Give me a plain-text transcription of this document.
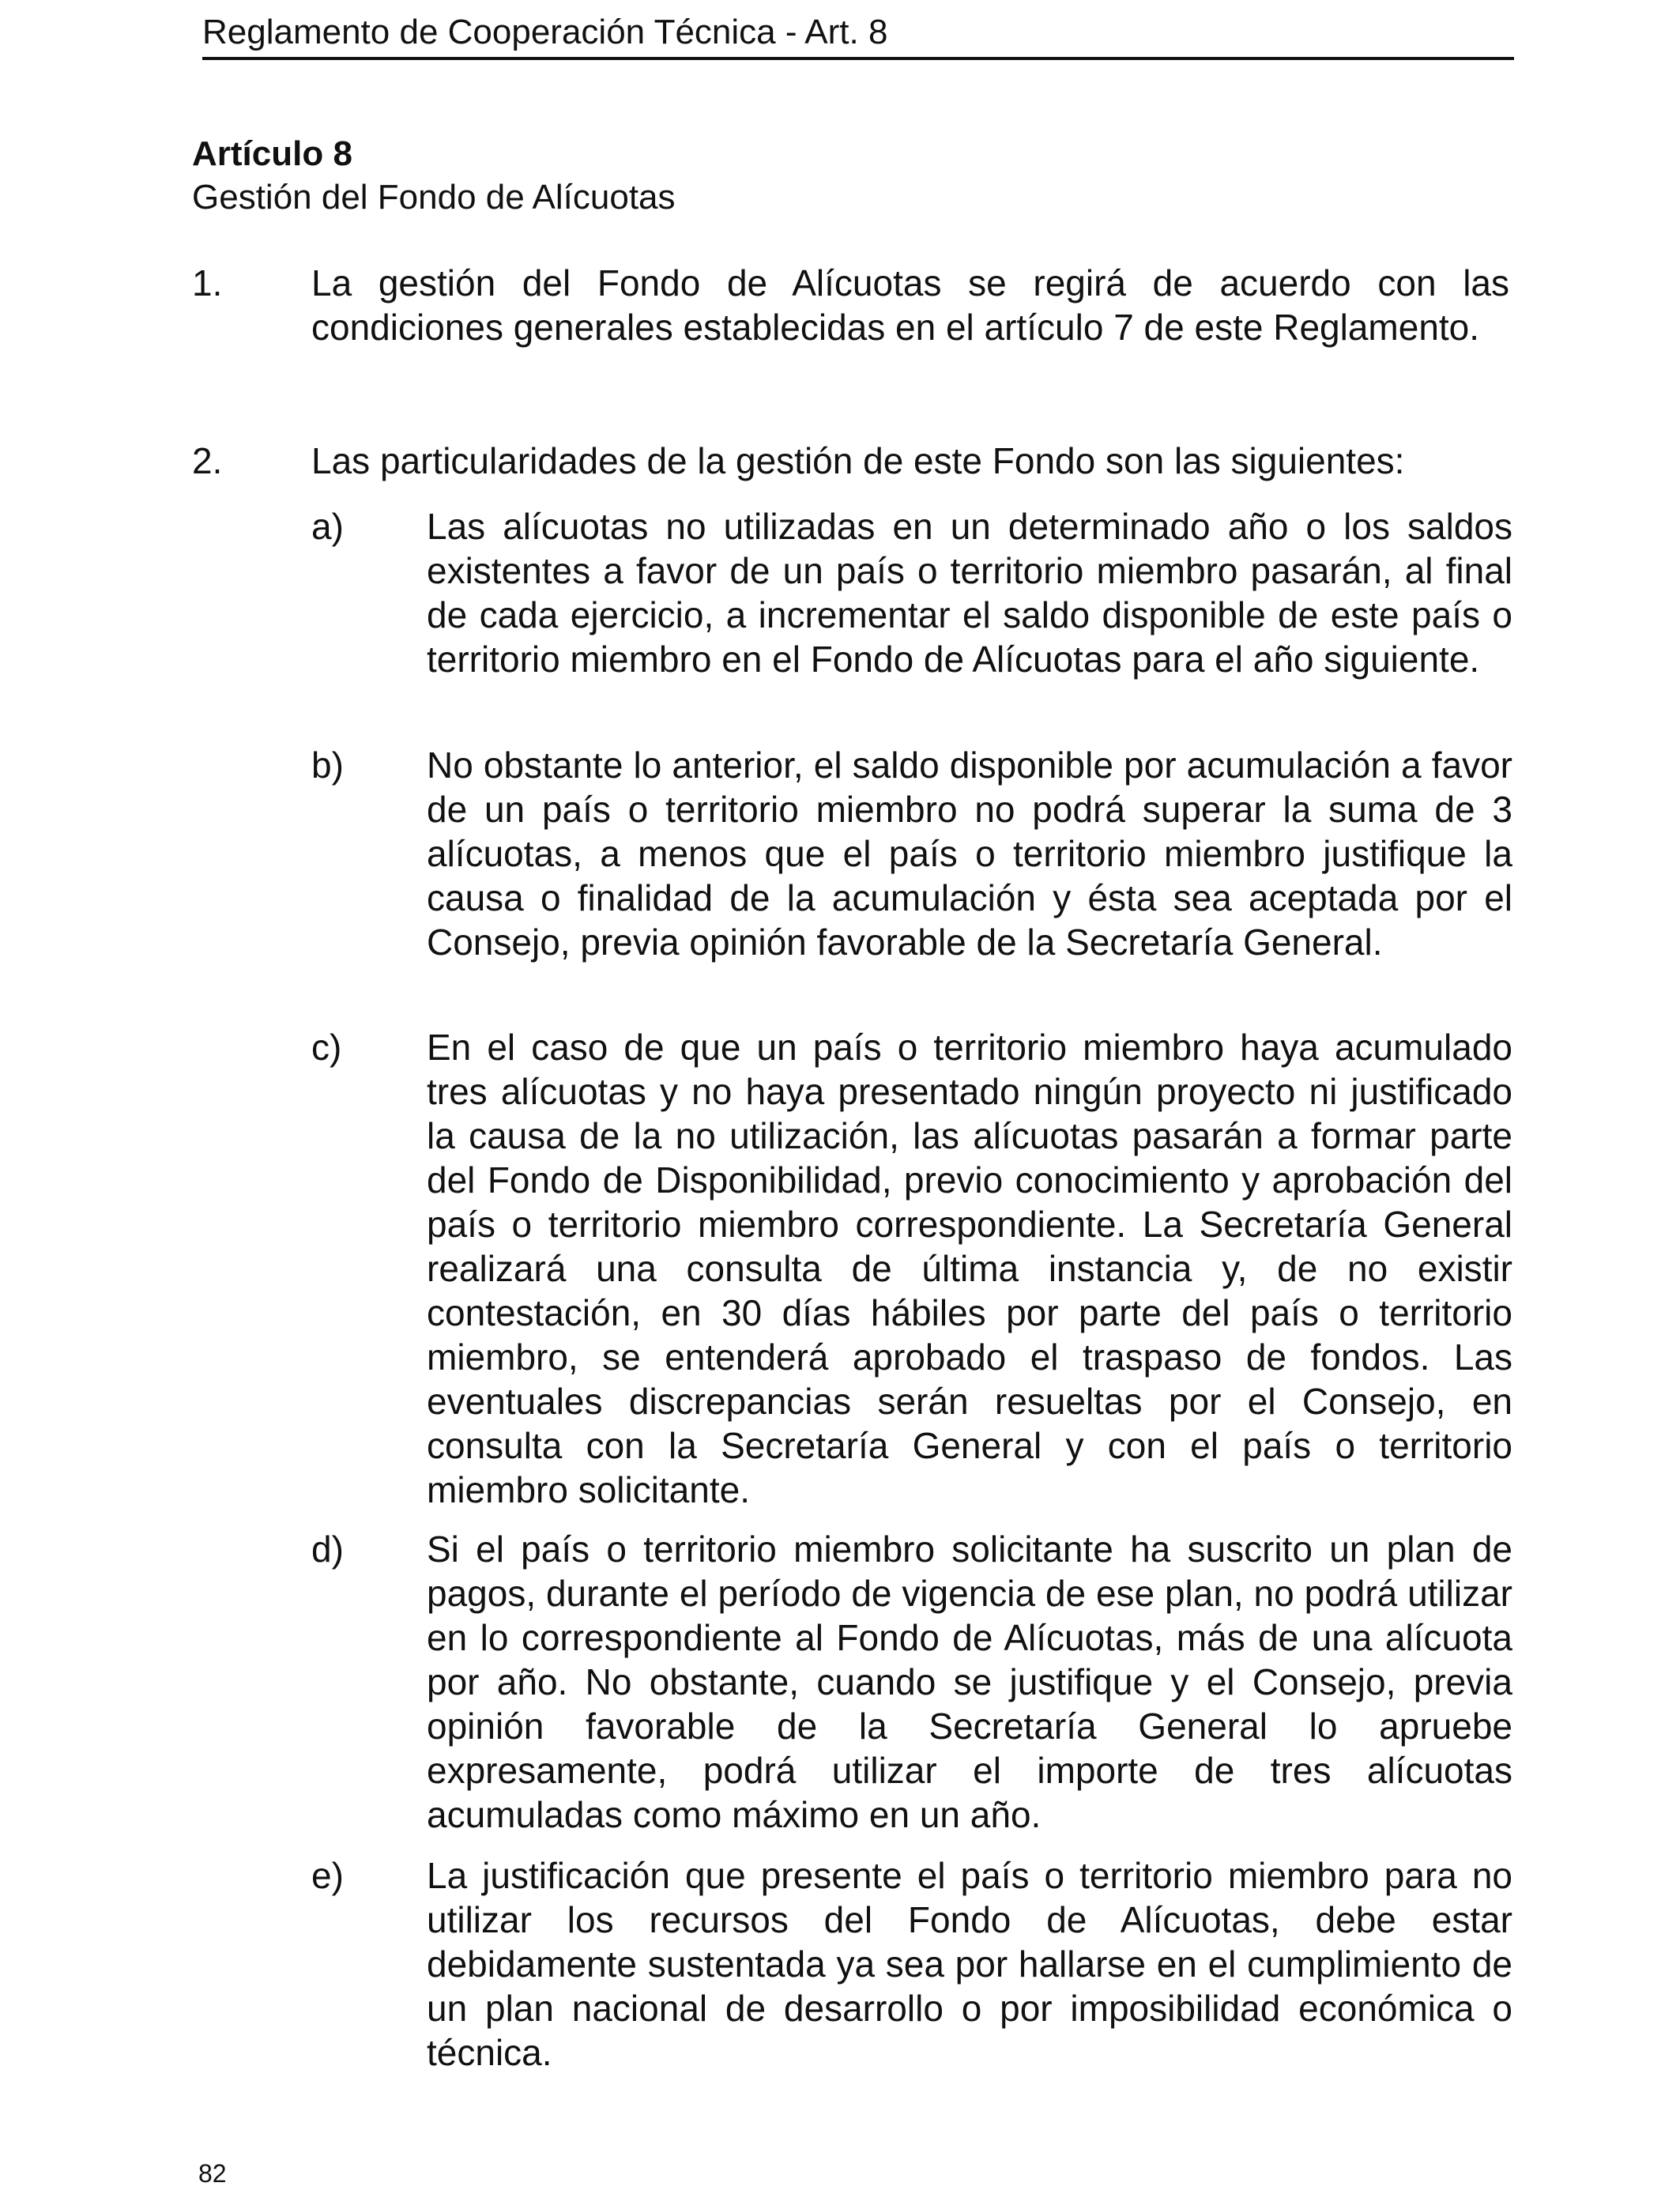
Reglamento de Cooperación Técnica - Art. 8
Artículo 8
Gestión del Fondo de Alícuotas
1. La gestión del Fondo de Alícuotas se regirá de acuerdo con las condiciones generales establecidas en el artículo 7 de este Reglamento.
2. Las particularidades de la gestión de este Fondo son las siguientes:
a) Las alícuotas no utilizadas en un determinado año o los saldos existentes a favor de un país o territorio miembro pasarán, al final de cada ejercicio, a incrementar el saldo disponible de este país o territorio miembro en el Fondo de Alícuotas para el año siguiente.
b) No obstante lo anterior, el saldo disponible por acumulación a favor de un país o territorio miembro no podrá superar la suma de 3 alícuotas, a menos que el país o territorio miembro justifique la causa o finalidad de la acumulación y ésta sea aceptada por el Consejo, previa opinión favorable de la Secretaría General.
c) En el caso de que un país o territorio miembro haya acumulado tres alícuotas y no haya presentado ningún proyecto ni justificado la causa de la no utilización, las alícuotas pasarán a formar parte del Fondo de Disponibilidad, previo conocimiento y aprobación del país o territorio miembro correspondiente. La Secretaría General realizará una consulta de última instancia y, de no existir contestación, en 30 días hábiles por parte del país o territorio miembro, se entenderá aprobado el traspaso de fondos. Las eventuales discrepancias serán resueltas por el Consejo, en consulta con la Secretaría General y con el país o territorio miembro solicitante.
d) Si el país o territorio miembro solicitante ha suscrito un plan de pagos, durante el período de vigencia de ese plan, no podrá utilizar en lo correspondiente al Fondo de Alícuotas, más de una alícuota por año. No obstante, cuando se justifique y el Consejo, previa opinión favorable de la Secretaría General lo apruebe expresamente, podrá utilizar el importe de tres alícuotas acumuladas como máximo en un año.
e) La justificación que presente el país o territorio miembro para no utilizar los recursos del Fondo de Alícuotas, debe estar debidamente sustentada ya sea por hallarse en el cumplimiento de un plan nacional de desarrollo o por imposibilidad económica o técnica.
82
